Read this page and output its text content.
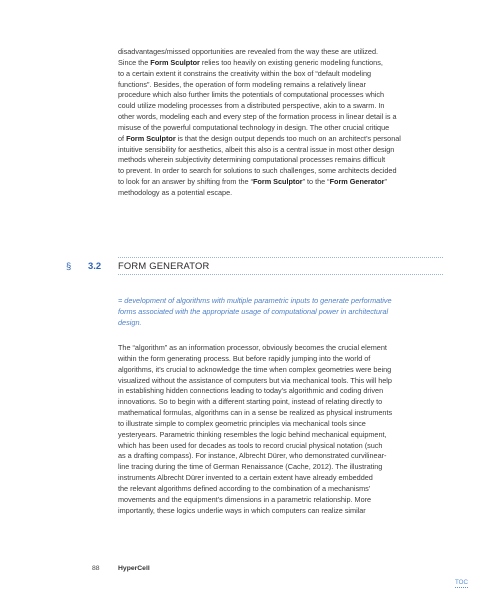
disadvantages/missed opportunities are revealed from the way these are utilized.
Since the Form Sculptor relies too heavily on existing generic modeling functions,
to a certain extent it constrains the creativity within the box of “default modeling
functions”. Besides, the operation of form modeling remains a relatively linear
procedure which also further limits the potentials of computational processes which
could utilize modeling processes from a distributed perspective, akin to a swarm. In
other words, modeling each and every step of the formation process in linear detail is a
misuse of the powerful computational technology in design. The other crucial critique
of Form Sculptor is that the design output depends too much on an architect’s personal
intuitive sensibility for aesthetics, albeit this also is a central issue in most other design
methods wherein subjectivity determining computational processes remains difficult
to prevent. In order to search for solutions to such challenges, some architects decided
to look for an answer by shifting from the “Form Sculptor” to the “Form Generator”
methodology as a potential escape.
§ 3.2 FORM GENERATOR
= development of algorithms with multiple parametric inputs to generate performative
forms associated with the appropriate usage of computational power in architectural
design.
The “algorithm” as an information processor, obviously becomes the crucial element
within the form generating process. But before rapidly jumping into the world of
algorithms, it’s crucial to acknowledge the time when complex geometries were being
visualized without the assistance of computers but via mechanical tools. This will help
in establishing hidden connections leading to today’s algorithmic and coding driven
innovations. So to begin with a different starting point, instead of relating directly to
mathematical formulas, algorithms can in a sense be realized as physical instruments
to illustrate simple to complex geometric principles via mechanical tools since
yesteryears. Parametric thinking resembles the logic behind mechanical equipment,
which has been used for decades as tools to record crucial physical notation (such
as a drafting compass). For instance, Albrecht Dürer, who demonstrated curvilinear-
line tracing during the time of German Renaissance (Cache, 2012). The illustrating
instruments Albrecht Dürer invented to a certain extent have already embedded
the relevant algorithms defined according to the combination of a mechanisms’
movements and the equipment’s dimensions in a parametric relationship. More
importantly, these logics underlie ways in which computers can realize similar
88	HyperCell
TOC
